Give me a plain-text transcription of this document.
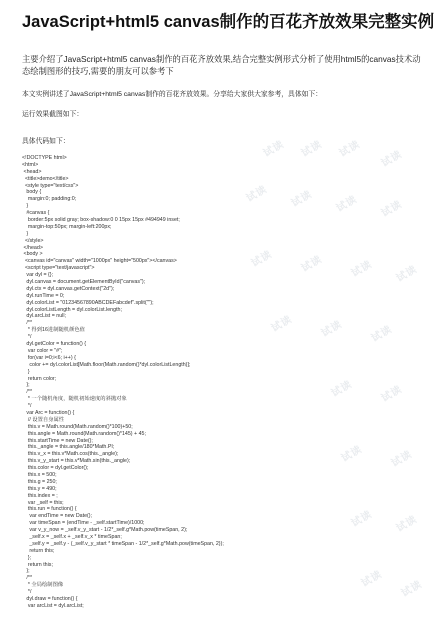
试读 试读 试读 试读
试读 试读 试读 试读
试读	试读	试读 试读
试读	试读	试读
试读	试读
试读	试读
试读 试读
试读 试读
JavaScript+html5 canvas制作的百花齐放效果完整实例

主要介绍了JavaScript+html5 canvas制作的百花齐放效果,结合完整实例形式分析了使用html5的canvas技术动态绘制图形的技巧,需要的朋友可以参考下

本文实例讲述了JavaScript+html5 canvas制作的百花齐放效果。分享给大家供大家参考，具体如下：

运行效果截图如下：

具体代码如下：

<!DOCTYPE html>
<html>
<head>
<title>demo</title>
<style type="text/css">
body {
margin:0; padding:0;
}
#canvas {
border:5px solid gray; box-shadow:0 0 15px 15px #494949 inset;
margin-top:50px; margin-left:200px;
}
</style>
</head>
<body >
<canvas id="canvas" width="1000px" height="500px"></canvas>
<script type="text/javascript">
var dyl = {};
dyl.canvas = document.getElementById("canvas");
dyl.ctx = dyl.canvas.getContext("2d");
dyl.runTime = 0;
dyl.colorList = "01234567890ABCDEFabcdef".split("");
dyl.colorListLength = dyl.colorList.length;
dyl.arcList = null;
/**
* 得到16进制随机颜色值
*/
dyl.getColor = function() {
var color = "#";
for(var i=0;i<6; i++) {
color += dyl.colorList[Math.floor(Math.random()*dyl.colorListLength)];
}
return color;
};
/**
* 一个随机角度，随机初始速度的斜抛对象
*/
var Arc = function() {
// 设置自身属性
this.v = Math.round(Math.random()*100)+50;
this.angle = Math.round(Math.random()*145) + 45;
this.startTime = new Date();
this._angle = this.angle/180*Math.PI;
this.v_x = this.v*Math.cos(this._angle);
this.v_y_start = this.v*Math.sin(this._angle);
this.color = dyl.getColor();
this.x = 500;
this.g = 250;
this.y = 490;
this.index = ;
var _self = this;
this.run = function() {
var endTime = new Date();
var timeSpan = (endTime - _self.startTime)/1000;
var v_y_now = _self.v_y_start - 1/2*_self.g*Math.pow(timeSpan, 2);
_self.x = _self.x + _self.v_x * timeSpan;
_self.y = _self.y - (_self.v_y_start * timeSpan - 1/2*_self.g*Math.pow(timeSpan, 2));
return this;
};
return this;
};
/**
* 全局绘制图像
*/
dyl.draw = function() {
var arcList = dyl.arcList;
